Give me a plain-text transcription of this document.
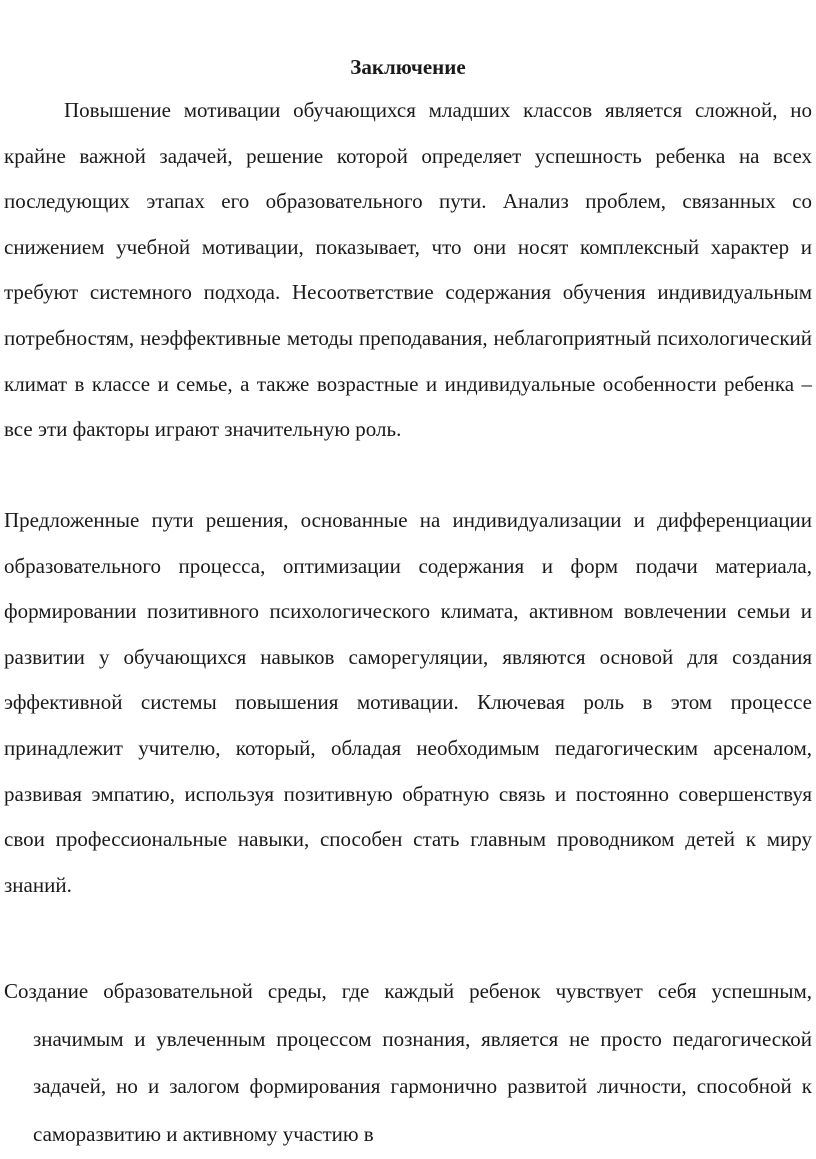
Заключение

Повышение мотивации обучающихся младших классов является сложной, но крайне важной задачей, решение которой определяет успешность ребенка на всех последующих этапах его образовательного пути. Анализ проблем, связанных со снижением учебной мотивации, показывает, что они носят комплексный характер и требуют системного подхода. Несоответствие содержания обучения индивидуальным потребностям, неэффективные методы преподавания, неблагоприятный психологический климат в классе и семье, а также возрастные и индивидуальные особенности ребенка – все эти факторы играют значительную роль.

Предложенные пути решения, основанные на индивидуализации и дифференциации образовательного процесса, оптимизации содержания и форм подачи материала, формировании позитивного психологического климата, активном вовлечении семьи и развитии у обучающихся навыков саморегуляции, являются основой для создания эффективной системы повышения мотивации. Ключевая роль в этом процессе принадлежит учителю, который, обладая необходимым педагогическим арсеналом, развивая эмпатию, используя позитивную обратную связь и постоянно совершенствуя свои профессиональные навыки, способен стать главным проводником детей к миру знаний.

Создание образовательной среды, где каждый ребенок чувствует себя успешным, значимым и увлеченным процессом познания, является не просто педагогической задачей, но и залогом формирования гармонично развитой личности, способной к саморазвитию и активному участию в
